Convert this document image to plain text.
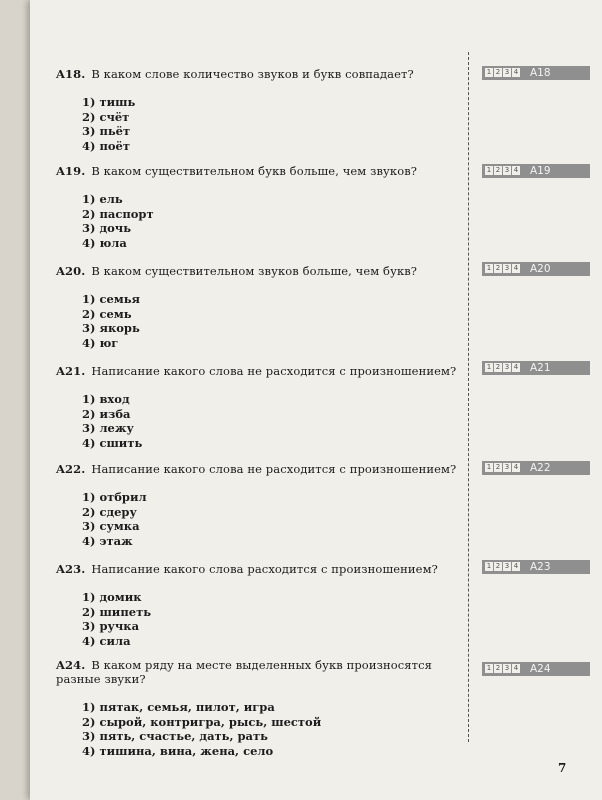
A18. В каком слове количество звуков и букв совпадает?
1) тишь
2) счёт
3) пьёт
4) поёт
1 2 3 4 A18
A19. В каком существительном букв больше, чем звуков?
1) ель
2) паспорт
3) дочь
4) юла
1 2 3 4 A19
A20. В каком существительном звуков больше, чем букв?
1) семья
2) семь
3) якорь
4) юг
1 2 3 4 A20
A21. Написание какого слова не расходится с произношением?
1) вход
2) изба
3) лежу
4) сшить
1 2 3 4 A21
A22. Написание какого слова не расходится с произношением?
1) отбрил
2) сдеру
3) сумка
4) этаж
1 2 3 4 A22
A23. Написание какого слова расходится с произношением?
1) домик
2) шипеть
3) ручка
4) сила
1 2 3 4 A23
A24. В каком ряду на месте выделенных букв произносятся разные звуки?
1) пятак, семья, пилот, игра
2) сырой, контригра, рысь, шестой
3) пять, счастье, дать, рать
4) тишина, вина, жена, село
1 2 3 4 A24
7
